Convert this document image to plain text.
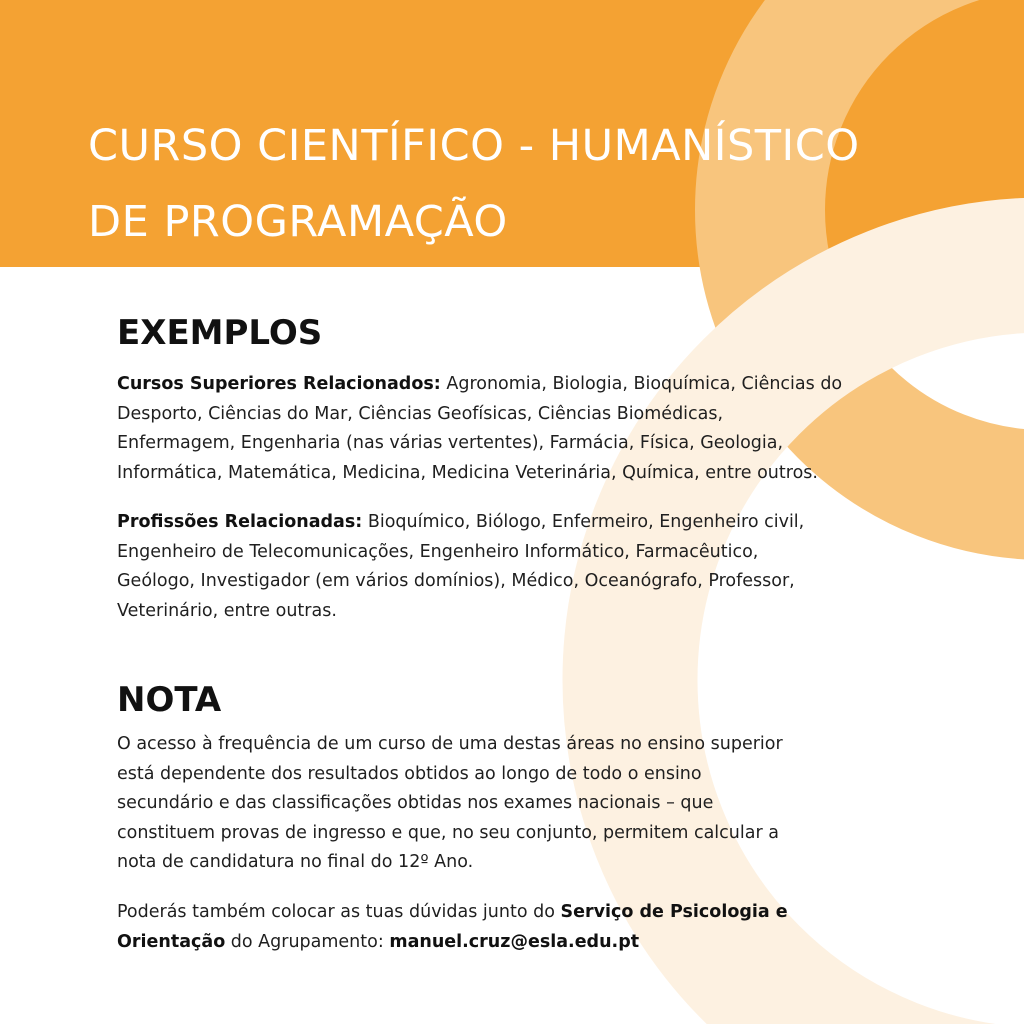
CURSO CIENTÍFICO - HUMANÍSTICO
DE PROGRAMAÇÃO
EXEMPLOS

Cursos Superiores Relacionados: Agronomia, Biologia, Bioquímica, Ciências do
Desporto, Ciências do Mar, Ciências Geofísicas, Ciências Biomédicas,
Enfermagem, Engenharia (nas várias vertentes), Farmácia, Física, Geologia,
Informática, Matemática, Medicina, Medicina Veterinária, Química, entre outros.

Profissões Relacionadas: Bioquímico, Biólogo, Enfermeiro, Engenheiro civil,
Engenheiro de Telecomunicações, Engenheiro Informático, Farmacêutico,
Geólogo, Investigador (em vários domínios), Médico, Oceanógrafo, Professor,
Veterinário, entre outras.

NOTA

O acesso à frequência de um curso de uma destas áreas no ensino superior
está dependente dos resultados obtidos ao longo de todo o ensino
secundário e das classificações obtidas nos exames nacionais – que
constituem provas de ingresso e que, no seu conjunto, permitem calcular a
nota de candidatura no final do 12º Ano.

Poderás também colocar as tuas dúvidas junto do Serviço de Psicologia e
Orientação do Agrupamento: manuel.cruz@esla.edu.pt
